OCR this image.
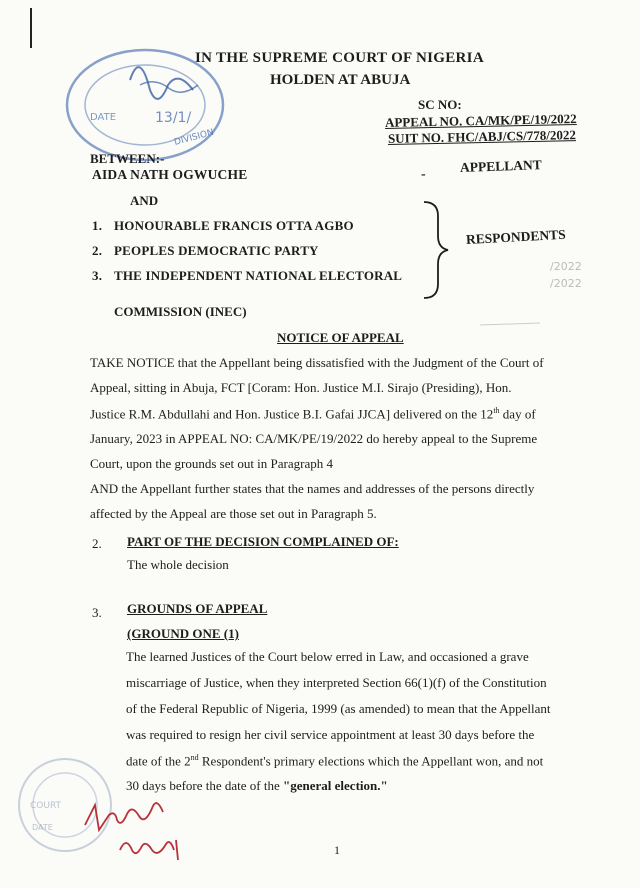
DATE	13/1/
DIVISION
COURT
DATE
/2022
/2022
IN THE SUPREME COURT OF NIGERIA
HOLDEN AT ABUJA
SC NO:
APPEAL NO. CA/MK/PE/19/2022
SUIT NO. FHC/ABJ/CS/778/2022
BETWEEN:-
AIDA NATH OGWUCHE	-	APPELLANT
AND
1. HONOURABLE FRANCIS OTTA AGBO
2. PEOPLES DEMOCRATIC PARTY
3. THE INDEPENDENT NATIONAL ELECTORAL
COMMISSION (INEC)
RESPONDENTS
NOTICE OF APPEAL
TAKE NOTICE that the Appellant being dissatisfied with the Judgment of the Court of
Appeal, sitting in Abuja, FCT [Coram: Hon. Justice M.I. Sirajo (Presiding), Hon.
Justice R.M. Abdullahi and Hon. Justice B.I. Gafai JJCA] delivered on the 12th day of
January, 2023 in APPEAL NO: CA/MK/PE/19/2022 do hereby appeal to the Supreme
Court, upon the grounds set out in Paragraph 4
AND the Appellant further states that the names and addresses of the persons directly
affected by the Appeal are those set out in Paragraph 5.
2. PART OF THE DECISION COMPLAINED OF:
The whole decision
3. GROUNDS OF APPEAL
(GROUND ONE (1)
The learned Justices of the Court below erred in Law, and occasioned a grave
miscarriage of Justice, when they interpreted Section 66(1)(f) of the Constitution
of the Federal Republic of Nigeria, 1999 (as amended) to mean that the Appellant
was required to resign her civil service appointment at least 30 days before the
date of the 2nd Respondent's primary elections which the Appellant won, and not
30 days before the date of the "general election."
1
